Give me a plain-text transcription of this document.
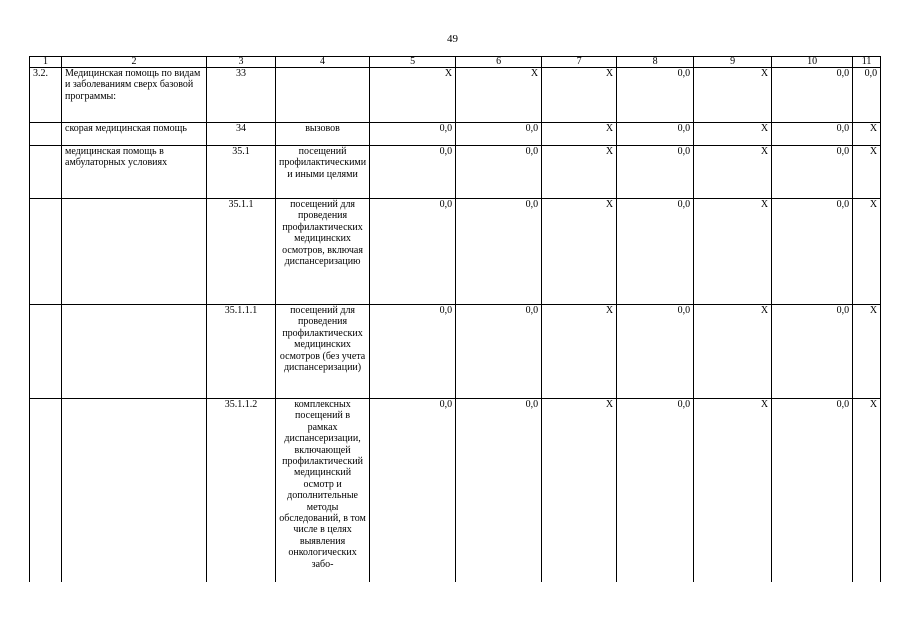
49
1	2	3	4	5	6	7	8	9	10	11
3.2.	Медицинская помощь по видам и заболеваниям сверх базовой программы:	33		X	X	X	0,0	X	0,0	0,0
	скорая медицинская помощь	34	вызовов	0,0	0,0	X	0,0	X	0,0	X
	медицинская помощь в амбулаторных условиях	35.1	посещений профилактическими и иными целями	0,0	0,0	X	0,0	X	0,0	X
		35.1.1	посещений для проведения профилактических медицинских осмотров, включая диспансеризацию	0,0	0,0	X	0,0	X	0,0	X
		35.1.1.1	посещений для проведения профилактических медицинских осмотров (без учета диспансеризации)	0,0	0,0	X	0,0	X	0,0	X
		35.1.1.2	комплексных посещений в рамках диспансеризации, включающей профилактический медицинский осмотр и дополнительные методы обследований, в том числе в целях выявления онкологических забо-	0,0	0,0	X	0,0	X	0,0	X
